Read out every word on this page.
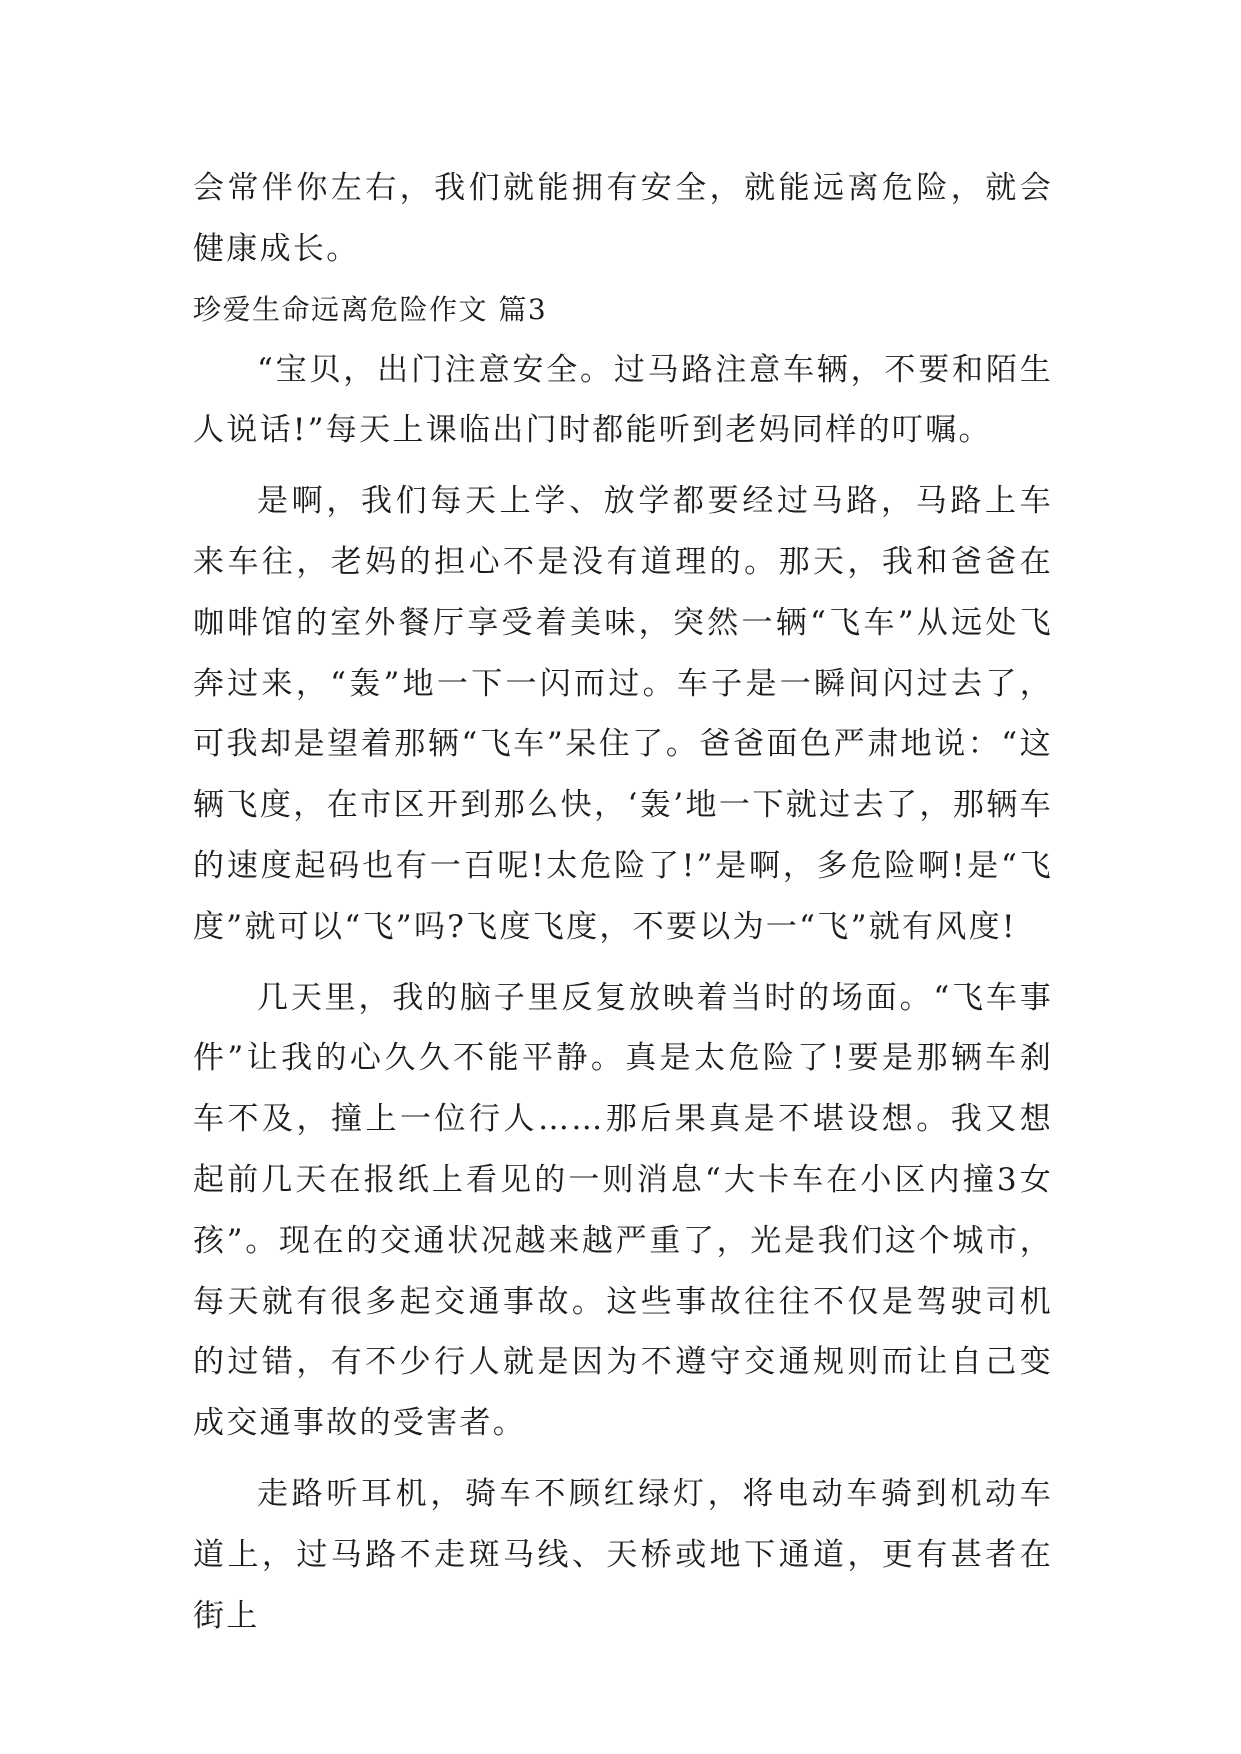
会常伴你左右，我们就能拥有安全，就能远离危险，就会健康成长。

珍爱生命远离危险作文 篇3

“宝贝，出门注意安全。过马路注意车辆，不要和陌生人说话!”每天上课临出门时都能听到老妈同样的叮嘱。

是啊，我们每天上学、放学都要经过马路，马路上车来车往，老妈的担心不是没有道理的。那天，我和爸爸在咖啡馆的室外餐厅享受着美味，突然一辆“飞车”从远处飞奔过来，“轰”地一下一闪而过。车子是一瞬间闪过去了，可我却是望着那辆“飞车”呆住了。爸爸面色严肃地说：“这辆飞度，在市区开到那么快，‘轰’地一下就过去了，那辆车的速度起码也有一百呢!太危险了!”是啊，多危险啊!是“飞度”就可以“飞”吗?飞度飞度，不要以为一“飞”就有风度!

几天里，我的脑子里反复放映着当时的场面。“飞车事件”让我的心久久不能平静。真是太危险了!要是那辆车刹车不及，撞上一位行人……那后果真是不堪设想。我又想起前几天在报纸上看见的一则消息“大卡车在小区内撞3女孩”。现在的交通状况越来越严重了，光是我们这个城市，每天就有很多起交通事故。这些事故往往不仅是驾驶司机的过错，有不少行人就是因为不遵守交通规则而让自己变成交通事故的受害者。

走路听耳机，骑车不顾红绿灯，将电动车骑到机动车道上，过马路不走斑马线、天桥或地下通道，更有甚者在街上
